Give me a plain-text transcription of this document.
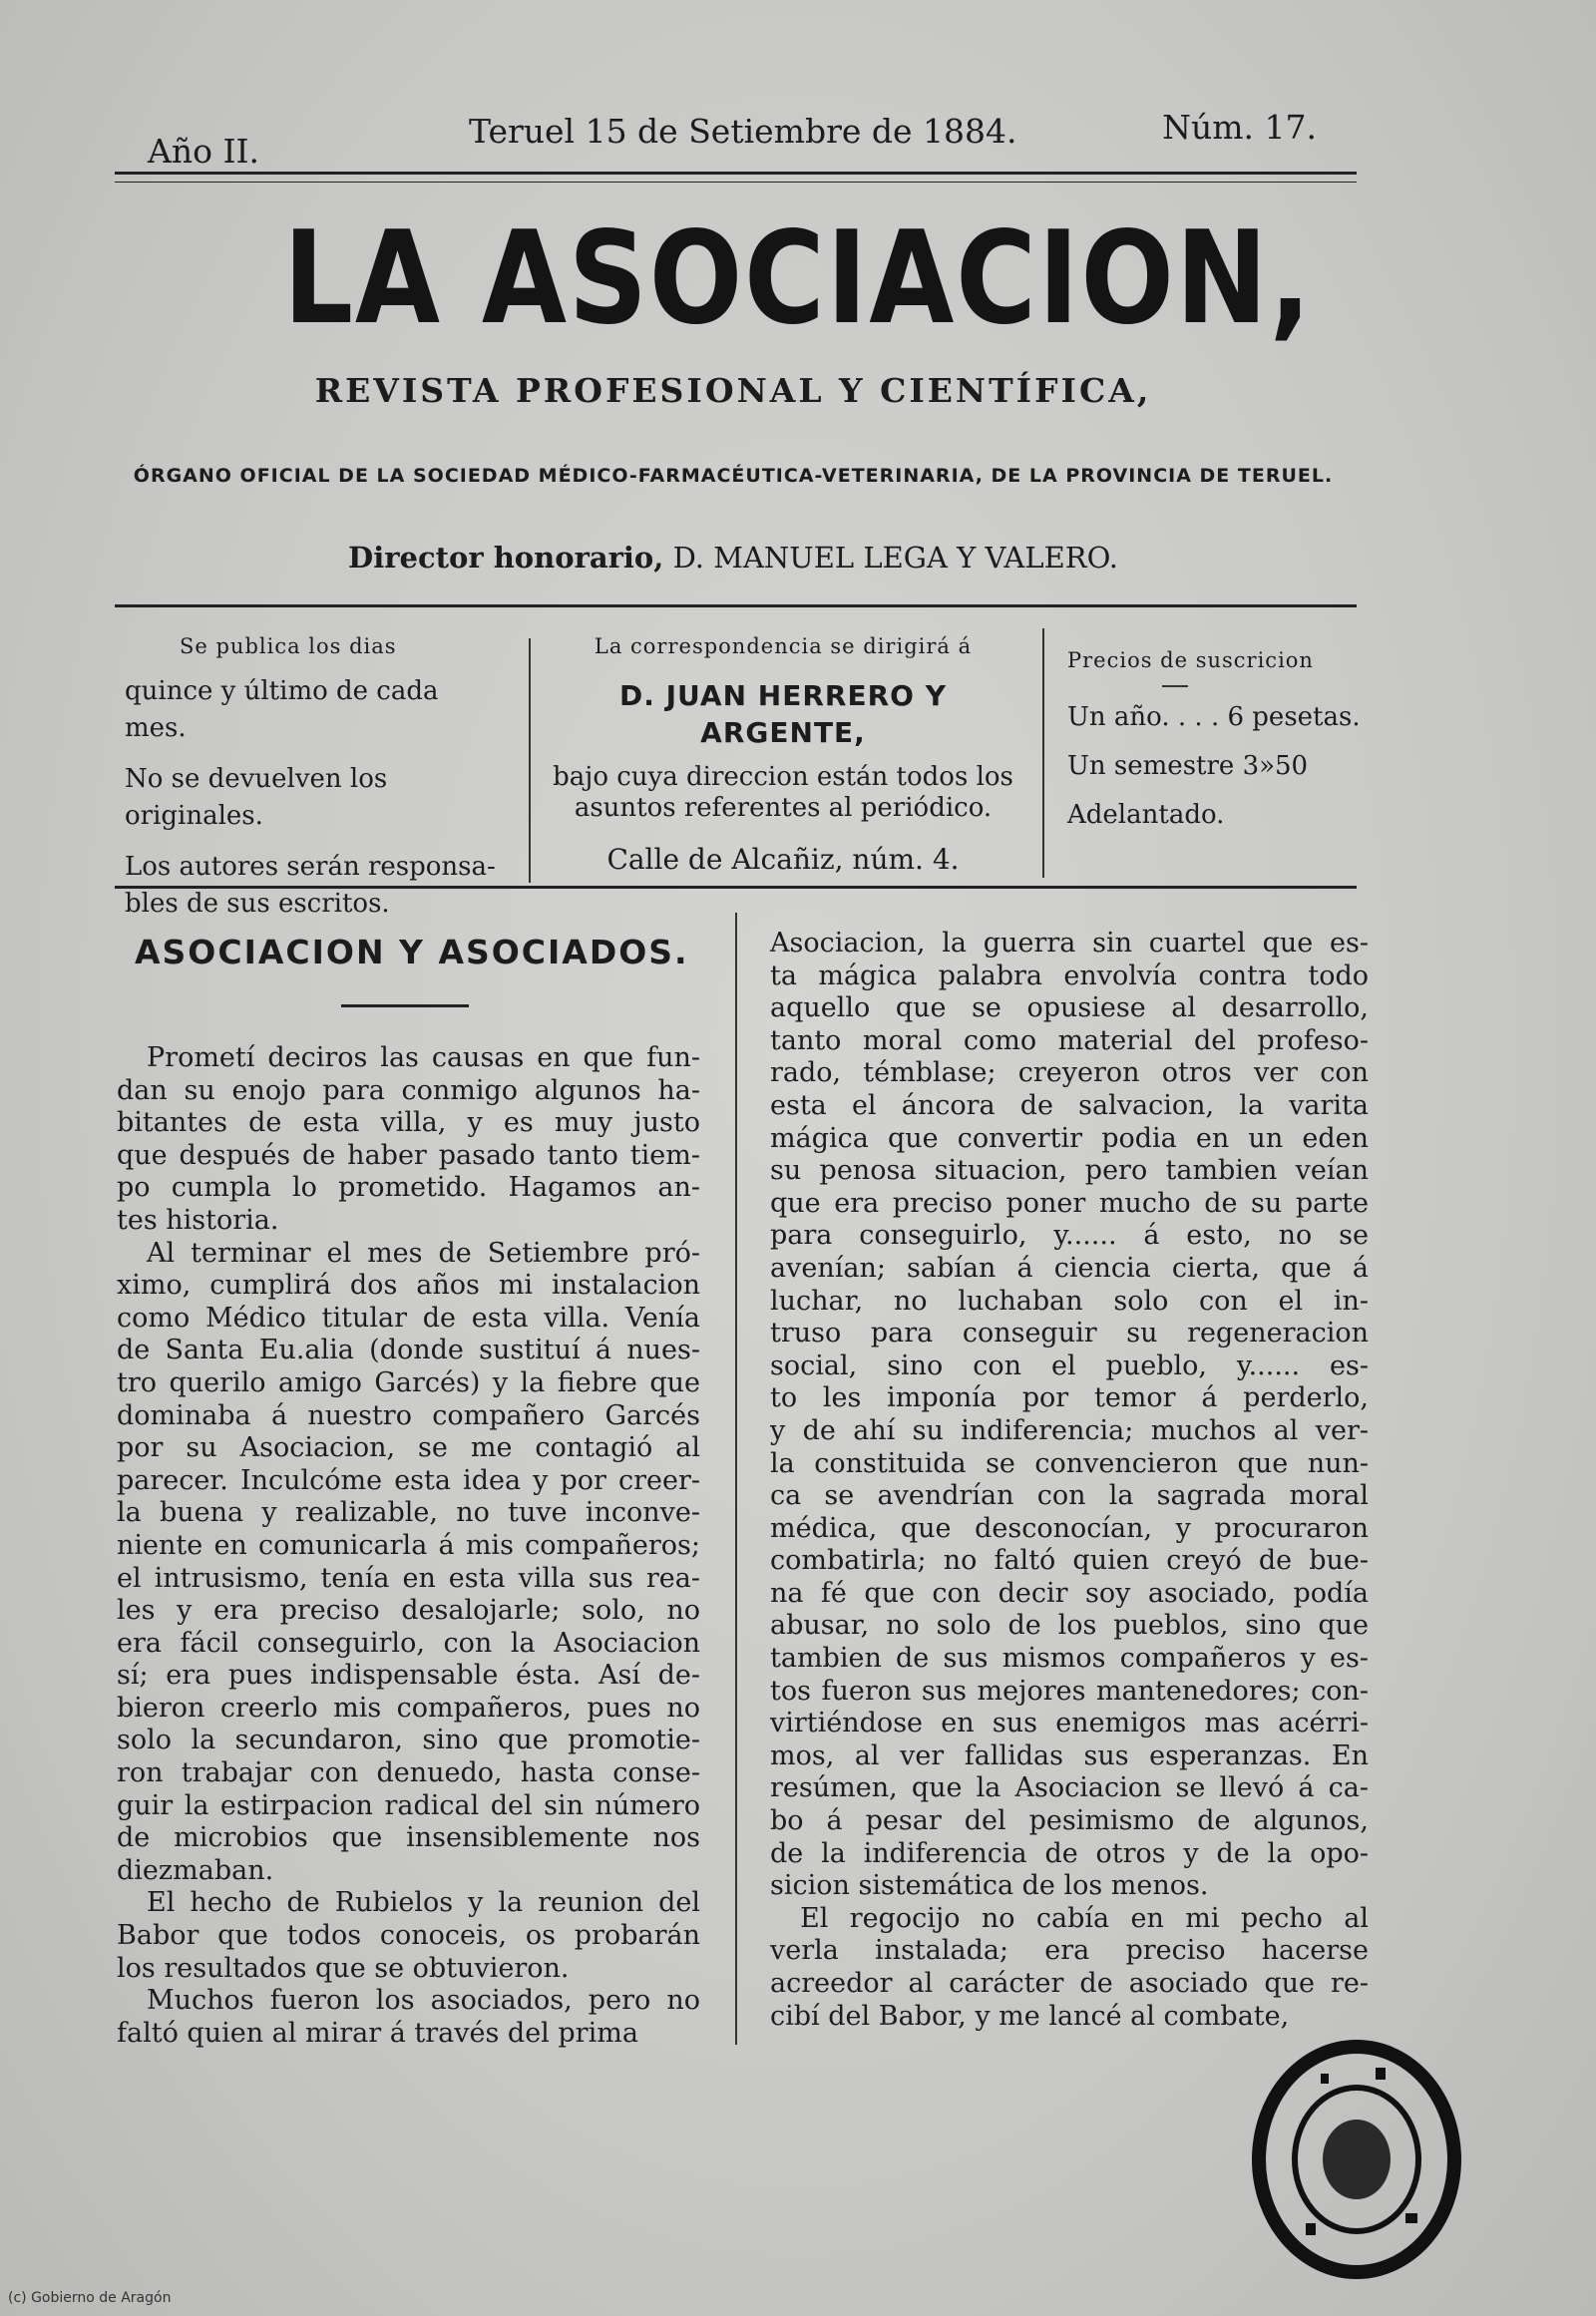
Año II.
Teruel 15 de Setiembre de 1884.	Núm. 17.
LA ASOCIACION,
REVISTA PROFESIONAL Y CIENTÍFICA,
ÓRGANO OFICIAL DE LA SOCIEDAD MÉDICO-FARMACÉUTICA-VETERINARIA, DE LA PROVINCIA DE TERUEL.
Director honorario, D. MANUEL LEGA Y VALERO.
Se publica los dias
quince y último de cada mes.
No se devuelven los originales.
Los autores serán responsa-
bles de sus escritos.
La correspondencia se dirigirá á
D. JUAN HERRERO Y ARGENTE,
bajo cuya direccion están todos los
asuntos referentes al periódico.
Calle de Alcañiz, núm. 4.
Precios de suscricion
Un año. . . . 6 pesetas.
Un semestre 3»50
Adelantado.
ASOCIACION Y ASOCIADOS.
Prometí deciros las causas en que fun-
dan su enojo para conmigo algunos ha-
bitantes de esta villa, y es muy justo
que después de haber pasado tanto tiem-
po cumpla lo prometido. Hagamos an-
tes historia.
Al terminar el mes de Setiembre pró-
ximo, cumplirá dos años mi instalacion
como Médico titular de esta villa. Venía
de Santa Eu.alia (donde sustituí á nues-
tro querilo amigo Garcés) y la fiebre que
dominaba á nuestro compañero Garcés
por su Asociacion, se me contagió al
parecer. Inculcóme esta idea y por creer-
la buena y realizable, no tuve inconve-
niente en comunicarla á mis compañeros;
el intrusismo, tenía en esta villa sus rea-
les y era preciso desalojarle; solo, no
era fácil conseguirlo, con la Asociacion
sí; era pues indispensable ésta. Así de-
bieron creerlo mis compañeros, pues no
solo la secundaron, sino que promotie-
ron trabajar con denuedo, hasta conse-
guir la estirpacion radical del sin número
de microbios que insensiblemente nos
diezmaban.
El hecho de Rubielos y la reunion del
Babor que todos conoceis, os probarán
los resultados que se obtuvieron.
Muchos fueron los asociados, pero no
faltó quien al mirar á través del prima
Asociacion, la guerra sin cuartel que es-
ta mágica palabra envolvía contra todo
aquello que se opusiese al desarrollo,
tanto moral como material del profeso-
rado, témblase; creyeron otros ver con
esta el áncora de salvacion, la varita
mágica que convertir podia en un eden
su penosa situacion, pero tambien veían
que era preciso poner mucho de su parte
para conseguirlo, y...... á esto, no se
avenían; sabían á ciencia cierta, que á
luchar, no luchaban solo con el in-
truso para conseguir su regeneracion
social, sino con el pueblo, y...... es-
to les imponía por temor á perderlo,
y de ahí su indiferencia; muchos al ver-
la constituida se convencieron que nun-
ca se avendrían con la sagrada moral
médica, que desconocían, y procuraron
combatirla; no faltó quien creyó de bue-
na fé que con decir soy asociado, podía
abusar, no solo de los pueblos, sino que
tambien de sus mismos compañeros y es-
tos fueron sus mejores mantenedores; con-
virtiéndose en sus enemigos mas acérri-
mos, al ver fallidas sus esperanzas. En
resúmen, que la Asociacion se llevó á ca-
bo á pesar del pesimismo de algunos,
de la indiferencia de otros y de la opo-
sicion sistemática de los menos.
El regocijo no cabía en mi pecho al
verla instalada; era preciso hacerse
acreedor al carácter de asociado que re-
cibí del Babor, y me lancé al combate,
(c) Gobierno de Aragón
